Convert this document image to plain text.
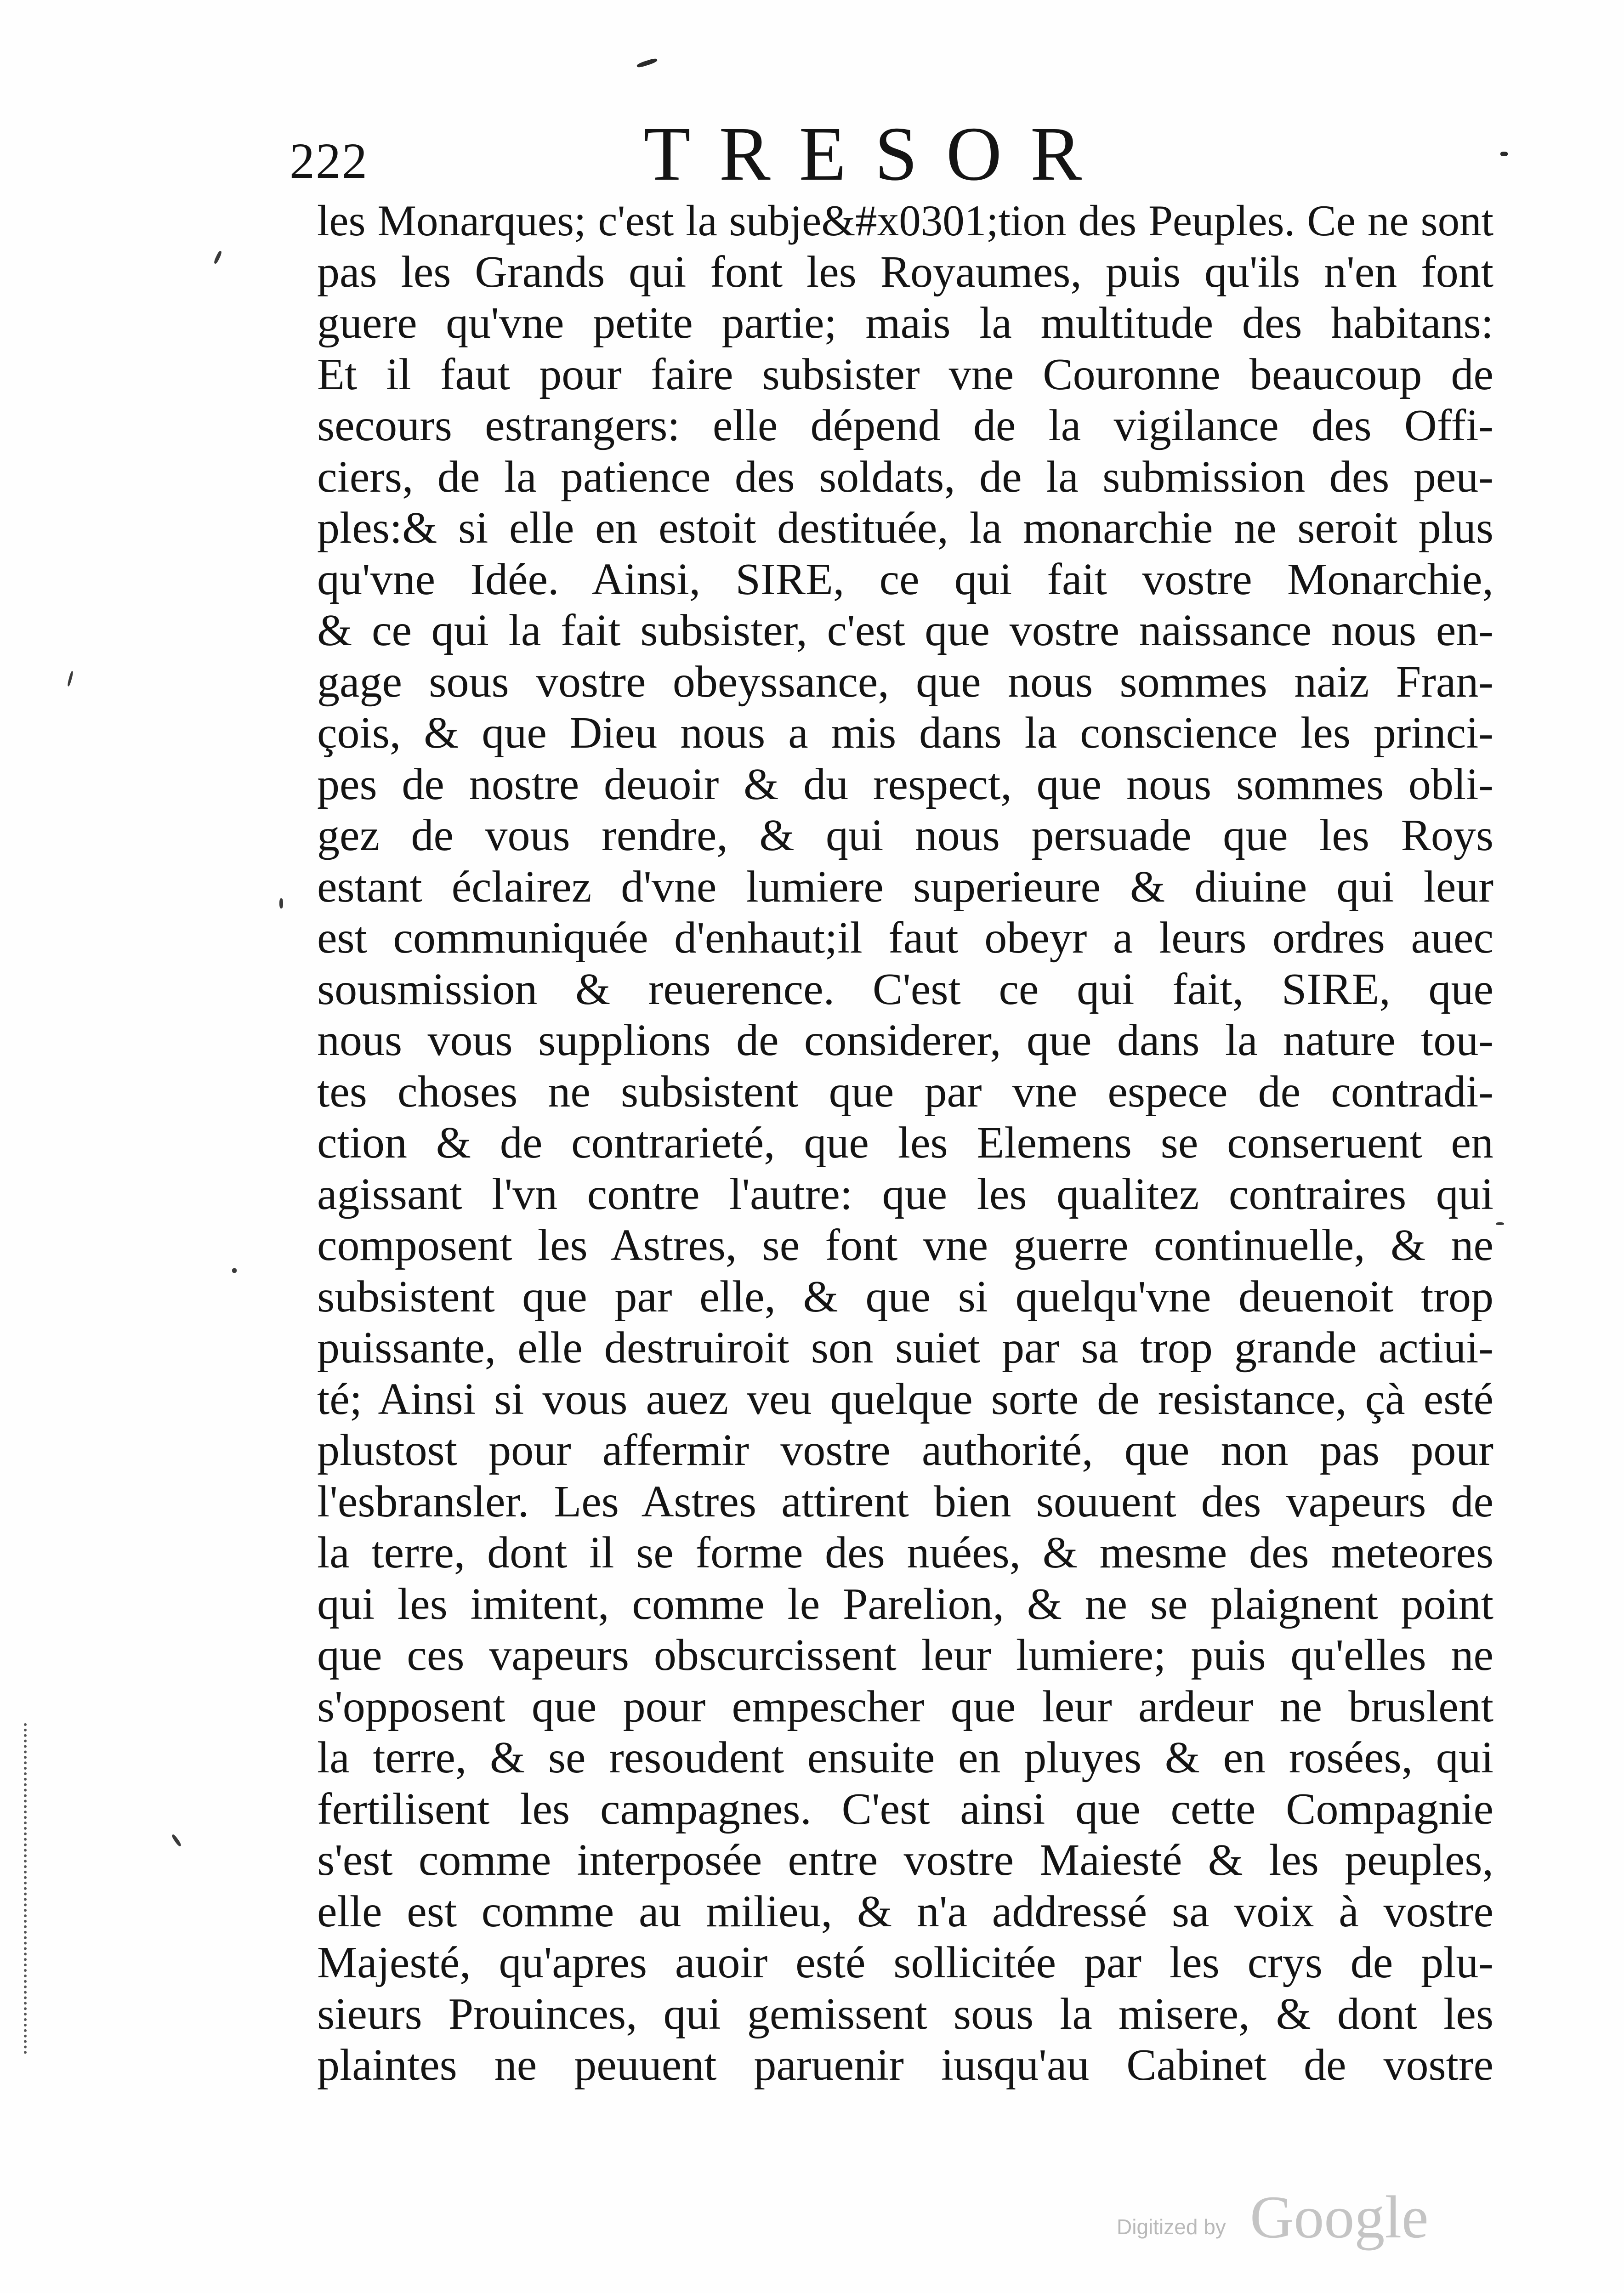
222	TRESOR
les Monarques; c'est la subje&#x0301;tion des Peuples. Ce ne sont
pas les Grands qui font les Royaumes, puis qu'ils n'en font
guere qu'vne petite partie; mais la multitude des habitans:
Et il faut pour faire subsister vne Couronne beaucoup de
secours estrangers: elle dépend de la vigilance des Offi-
ciers, de la patience des soldats, de la submission des peu-
ples:& si elle en estoit destituée, la monarchie ne seroit plus
qu'vne Idée. Ainsi, SIRE, ce qui fait vostre Monarchie,
& ce qui la fait subsister, c'est que vostre naissance nous en-
gage sous vostre obeyssance, que nous sommes naiz Fran-
çois, & que Dieu nous a mis dans la conscience les princi-
pes de nostre deuoir & du respect, que nous sommes obli-
gez de vous rendre, & qui nous persuade que les Roys
estant éclairez d'vne lumiere superieure & diuine qui leur
est communiquée d'enhaut;il faut obeyr a leurs ordres auec
sousmission & reuerence. C'est ce qui fait, SIRE, que
nous vous supplions de considerer, que dans la nature tou-
tes choses ne subsistent que par vne espece de contradi-
ction & de contrarieté, que les Elemens se conseruent en
agissant l'vn contre l'autre: que les qualitez contraires qui
composent les Astres, se font vne guerre continuelle, & ne
subsistent que par elle, & que si quelqu'vne deuenoit trop
puissante, elle destruiroit son suiet par sa trop grande actiui-
té; Ainsi si vous auez veu quelque sorte de resistance, çà esté
plustost pour affermir vostre authorité, que non pas pour
l'esbransler. Les Astres attirent bien souuent des vapeurs de
la terre, dont il se forme des nuées, & mesme des meteores
qui les imitent, comme le Parelion, & ne se plaignent point
que ces vapeurs obscurcissent leur lumiere; puis qu'elles ne
s'opposent que pour empescher que leur ardeur ne bruslent
la terre, & se resoudent ensuite en pluyes & en rosées, qui
fertilisent les campagnes. C'est ainsi que cette Compagnie
s'est comme interposée entre vostre Maiesté & les peuples,
elle est comme au milieu, & n'a addressé sa voix à vostre
Majesté, qu'apres auoir esté sollicitée par les crys de plu-
sieurs Prouinces, qui gemissent sous la misere, & dont les
plaintes ne peuuent paruenir iusqu'au Cabinet de vostre
Digitized by Google
